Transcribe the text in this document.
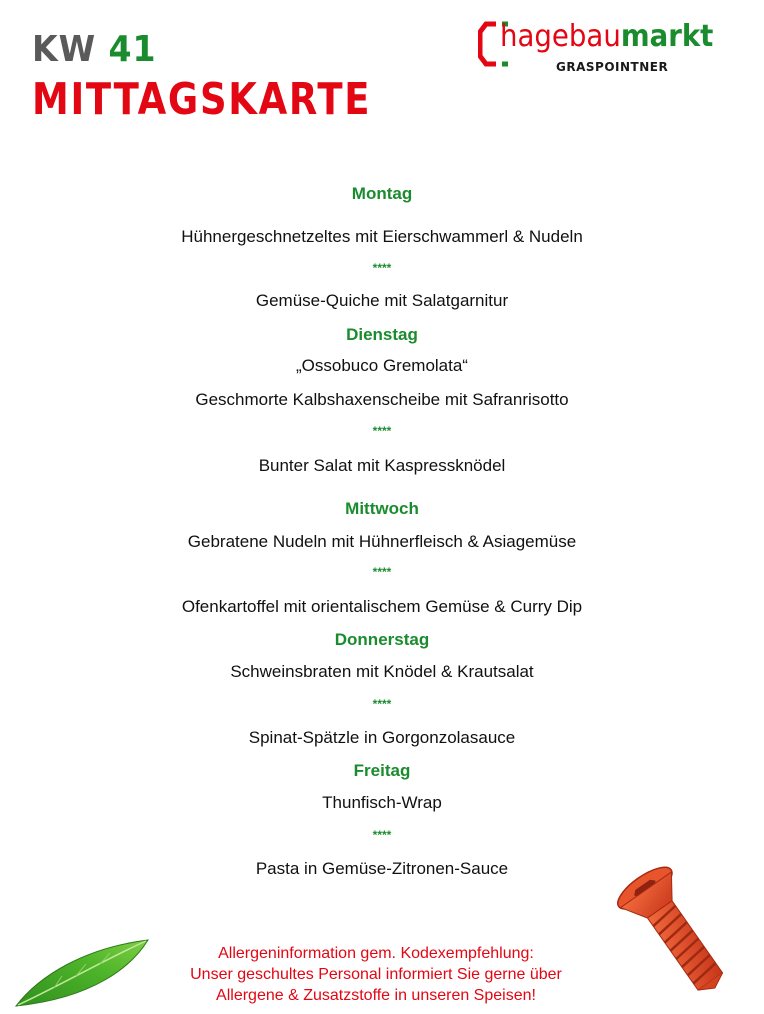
KW 41
MITTAGSKARTE
hagebaumarkt
GRASPOINTNER
Montag
Hühnergeschnetzeltes mit Eierschwammerl & Nudeln
****
Gemüse-Quiche mit Salatgarnitur
Dienstag
„Ossobuco Gremolata“
Geschmorte Kalbshaxenscheibe mit Safranrisotto
****
Bunter Salat mit Kaspressknödel
Mittwoch
Gebratene Nudeln mit Hühnerfleisch & Asiagemüse
****
Ofenkartoffel mit orientalischem Gemüse & Curry Dip
Donnerstag
Schweinsbraten mit Knödel & Krautsalat
****
Spinat-Spätzle in Gorgonzolasauce
Freitag
Thunfisch-Wrap
****
Pasta in Gemüse-Zitronen-Sauce
Allergeninformation gem. Kodexempfehlung:
Unser geschultes Personal informiert Sie gerne über
Allergene & Zusatzstoffe in unseren Speisen!
